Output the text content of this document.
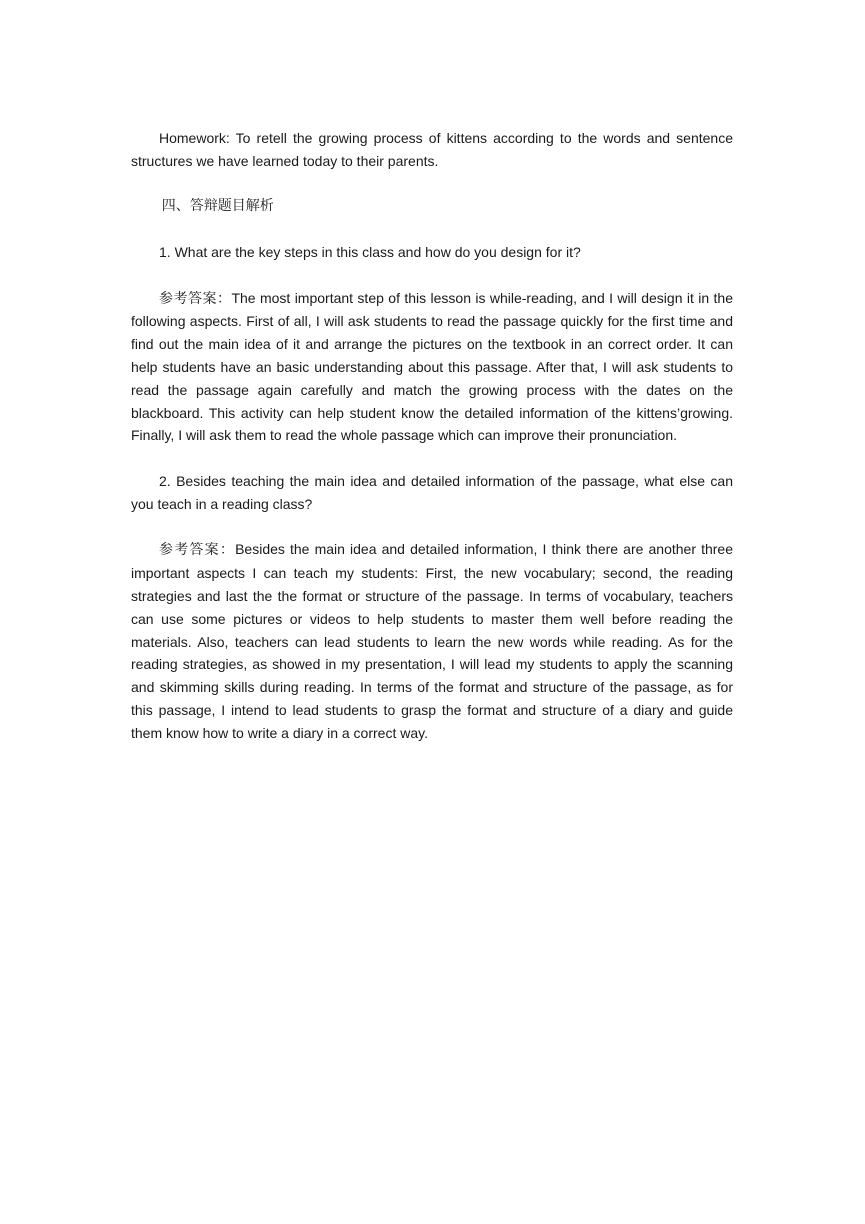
Homework: To retell the growing process of kittens according to the words and sentence structures we have learned today to their parents.

四、答辩题目解析

1. What are the key steps in this class and how do you design for it?

参考答案：The most important step of this lesson is while-reading, and I will design it in the following aspects. First of all, I will ask students to read the passage quickly for the first time and find out the main idea of it and arrange the pictures on the textbook in an correct order. It can help students have an basic understanding about this passage. After that, I will ask students to read the passage again carefully and match the growing process with the dates on the blackboard. This activity can help student know the detailed information of the kittens’growing. Finally, I will ask them to read the whole passage which can improve their pronunciation.

2. Besides teaching the main idea and detailed information of the passage, what else can you teach in a reading class?

参考答案：Besides the main idea and detailed information, I think there are another three important aspects I can teach my students: First, the new vocabulary; second, the reading strategies and last the the format or structure of the passage. In terms of vocabulary, teachers can use some pictures or videos to help students to master them well before reading the materials. Also, teachers can lead students to learn the new words while reading. As for the reading strategies, as showed in my presentation, I will lead my students to apply the scanning and skimming skills during reading. In terms of the format and structure of the passage, as for this passage, I intend to lead students to grasp the format and structure of a diary and guide them know how to write a diary in a correct way.
